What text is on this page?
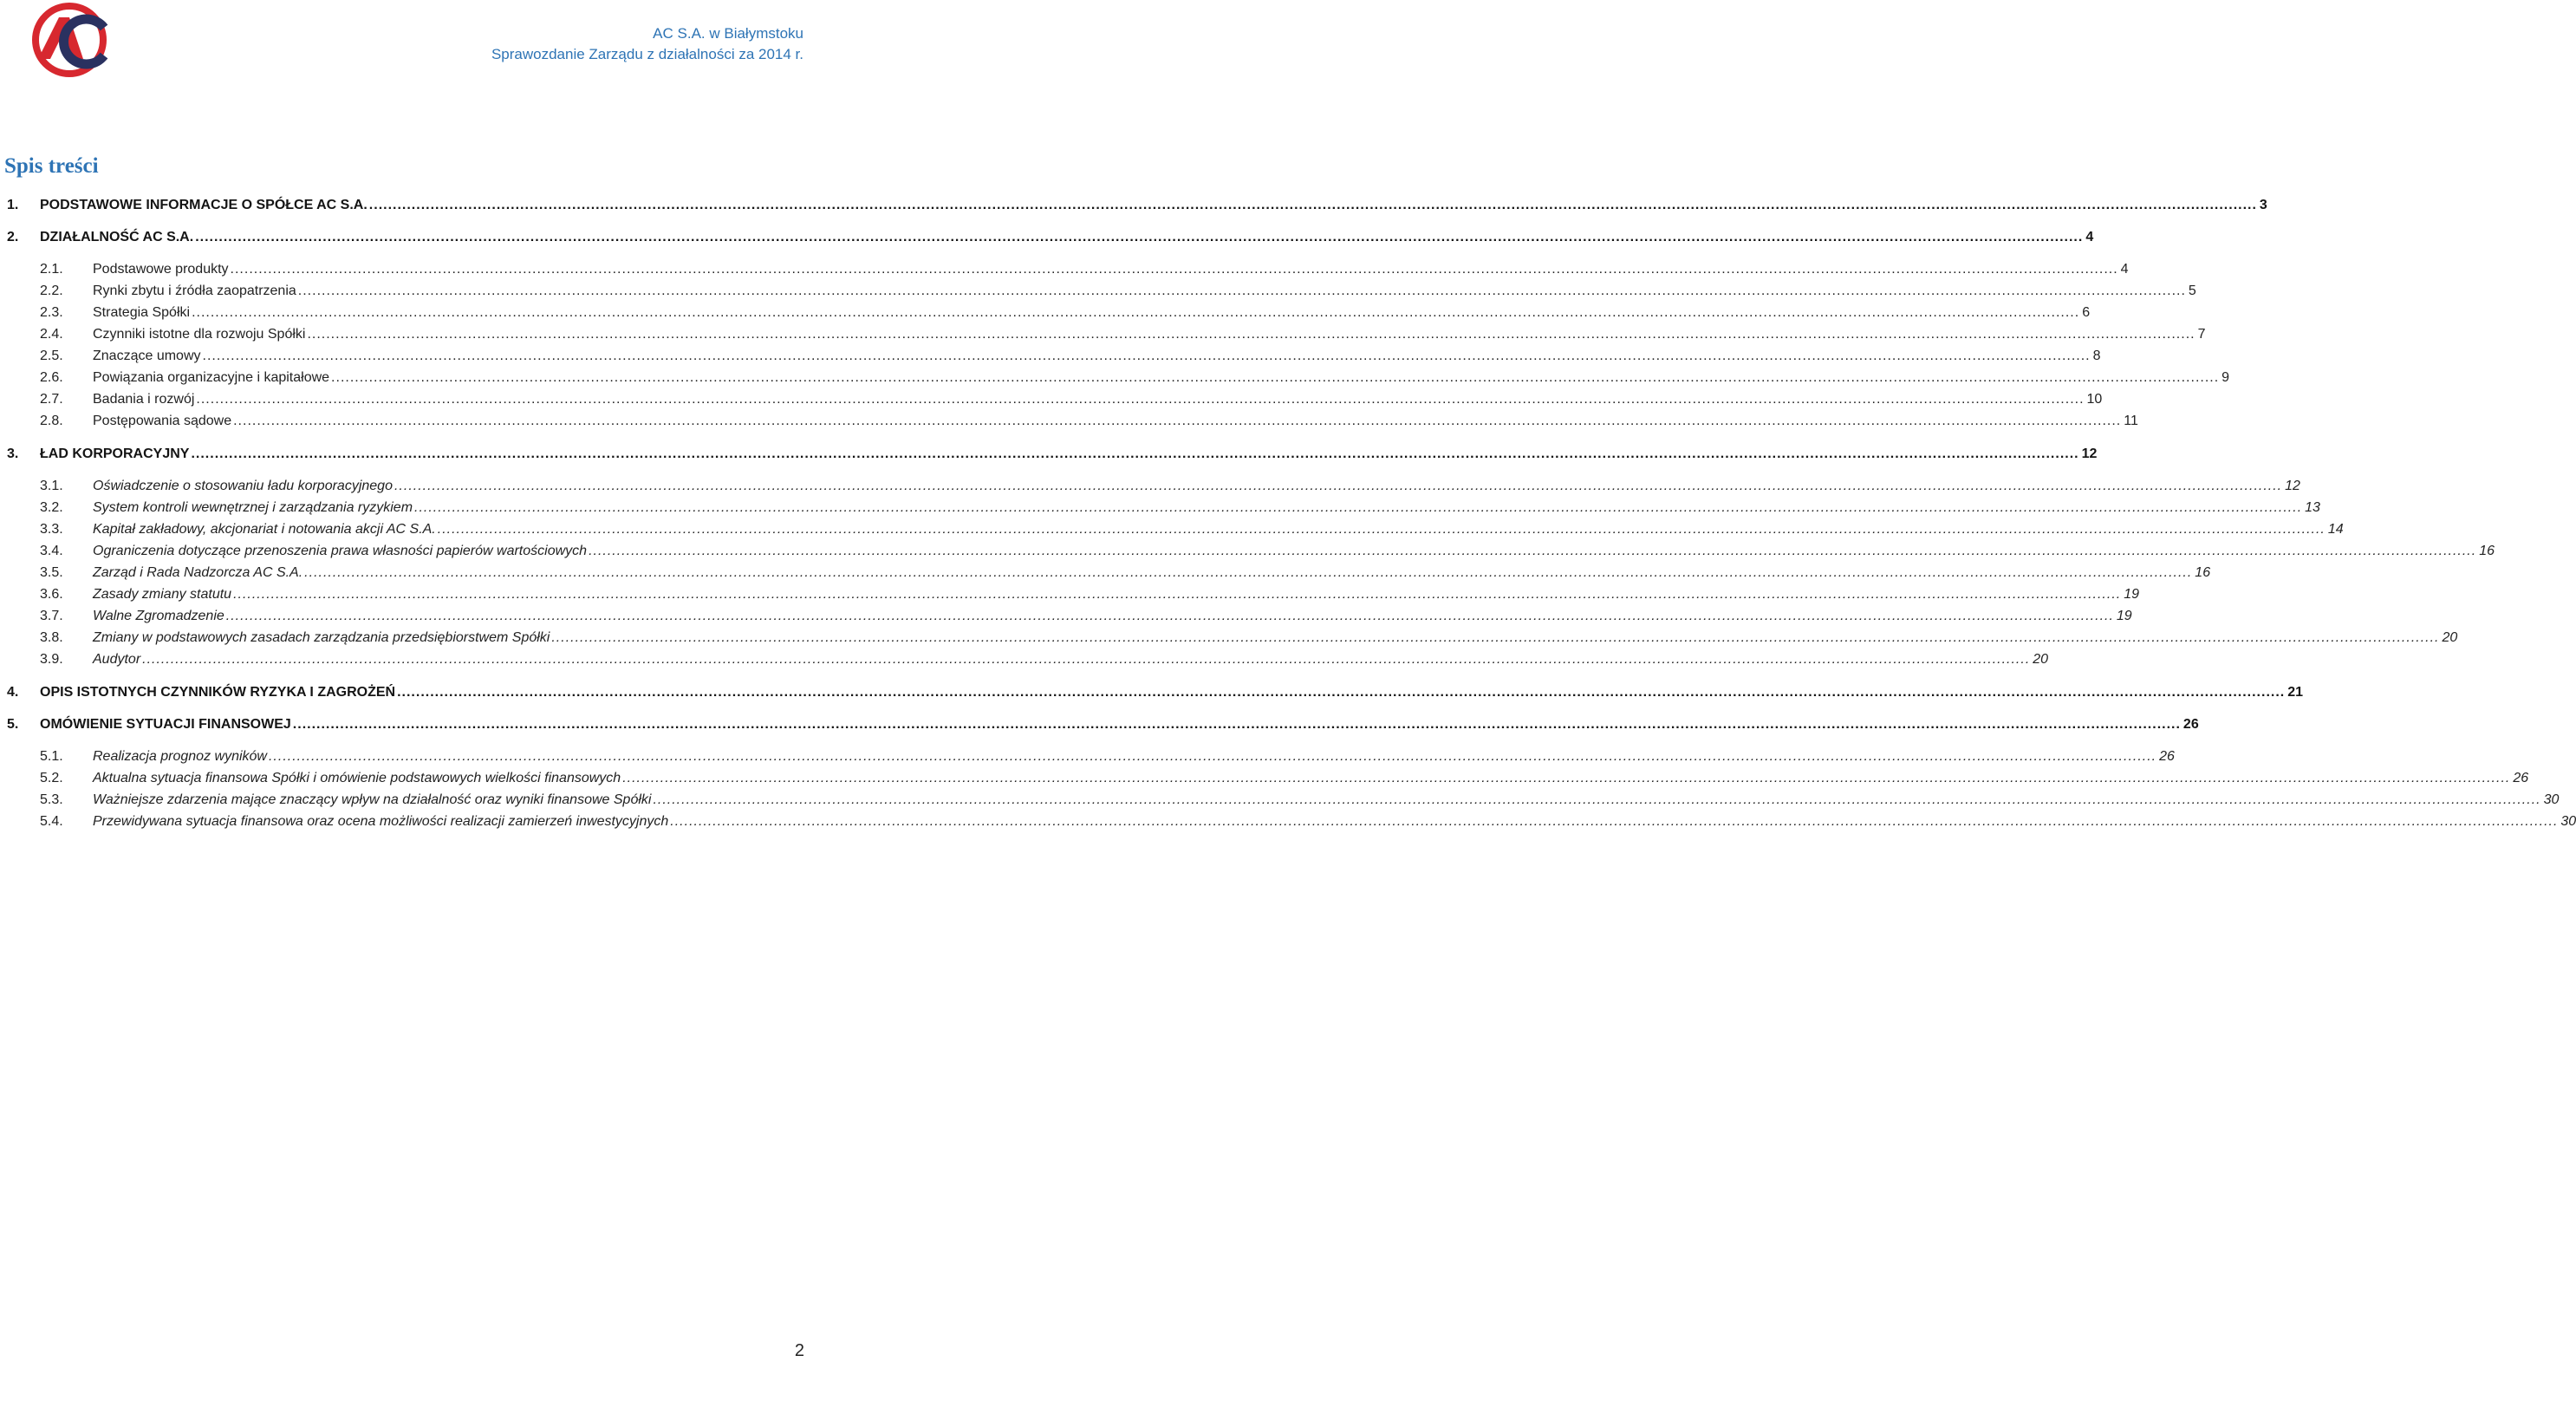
AC S.A. w Białymstoku
Sprawozdanie Zarządu z działalności za 2014 r.
Spis treści
1. PODSTAWOWE INFORMACJE O SPÓŁCE AC S.A. ................................................................................................................................................................................................................................................................................................................................................................................................................ 3
2. DZIAŁALNOŚĆ AC S.A. ................................................................................................................................................................................................................................................................................................................................................................................................................ 4
2.1. Podstawowe produkty ................................................................................................................................................................................................................................................................................................................................................................................................................ 4
2.2. Rynki zbytu i źródła zaopatrzenia ................................................................................................................................................................................................................................................................................................................................................................................................................ 5
2.3. Strategia Spółki ................................................................................................................................................................................................................................................................................................................................................................................................................ 6
2.4. Czynniki istotne dla rozwoju Spółki ................................................................................................................................................................................................................................................................................................................................................................................................................ 7
2.5. Znaczące umowy ................................................................................................................................................................................................................................................................................................................................................................................................................ 8
2.6. Powiązania organizacyjne i kapitałowe ................................................................................................................................................................................................................................................................................................................................................................................................................ 9
2.7. Badania i rozwój ................................................................................................................................................................................................................................................................................................................................................................................................................ 10
2.8. Postępowania sądowe ................................................................................................................................................................................................................................................................................................................................................................................................................ 11
3. ŁAD KORPORACYJNY ................................................................................................................................................................................................................................................................................................................................................................................................................ 12
3.1. Oświadczenie o stosowaniu ładu korporacyjnego ................................................................................................................................................................................................................................................................................................................................................................................................................ 12
3.2. System kontroli wewnętrznej i zarządzania ryzykiem ................................................................................................................................................................................................................................................................................................................................................................................................................ 13
3.3. Kapitał zakładowy, akcjonariat i notowania akcji AC S.A. ................................................................................................................................................................................................................................................................................................................................................................................................................ 14
3.4. Ograniczenia dotyczące przenoszenia prawa własności papierów wartościowych ................................................................................................................................................................................................................................................................................................................................................................................................................ 16
3.5. Zarząd i Rada Nadzorcza AC S.A. ................................................................................................................................................................................................................................................................................................................................................................................................................ 16
3.6. Zasady zmiany statutu ................................................................................................................................................................................................................................................................................................................................................................................................................ 19
3.7. Walne Zgromadzenie ................................................................................................................................................................................................................................................................................................................................................................................................................ 19
3.8. Zmiany w podstawowych zasadach zarządzania przedsiębiorstwem Spółki ................................................................................................................................................................................................................................................................................................................................................................................................................ 20
3.9. Audytor ................................................................................................................................................................................................................................................................................................................................................................................................................ 20
4. OPIS ISTOTNYCH CZYNNIKÓW RYZYKA I ZAGROŻEŃ ................................................................................................................................................................................................................................................................................................................................................................................................................ 21
5. OMÓWIENIE SYTUACJI FINANSOWEJ ................................................................................................................................................................................................................................................................................................................................................................................................................ 26
5.1. Realizacja prognoz wyników ................................................................................................................................................................................................................................................................................................................................................................................................................ 26
5.2. Aktualna sytuacja finansowa Spółki i omówienie podstawowych wielkości finansowych ................................................................................................................................................................................................................................................................................................................................................................................................................ 26
5.3. Ważniejsze zdarzenia mające znaczący wpływ na działalność oraz wyniki finansowe Spółki ................................................................................................................................................................................................................................................................................................................................................................................................................ 30
5.4. Przewidywana sytuacja finansowa oraz ocena możliwości realizacji zamierzeń inwestycyjnych ................................................................................................................................................................................................................................................................................................................................................................................................................ 30
2
